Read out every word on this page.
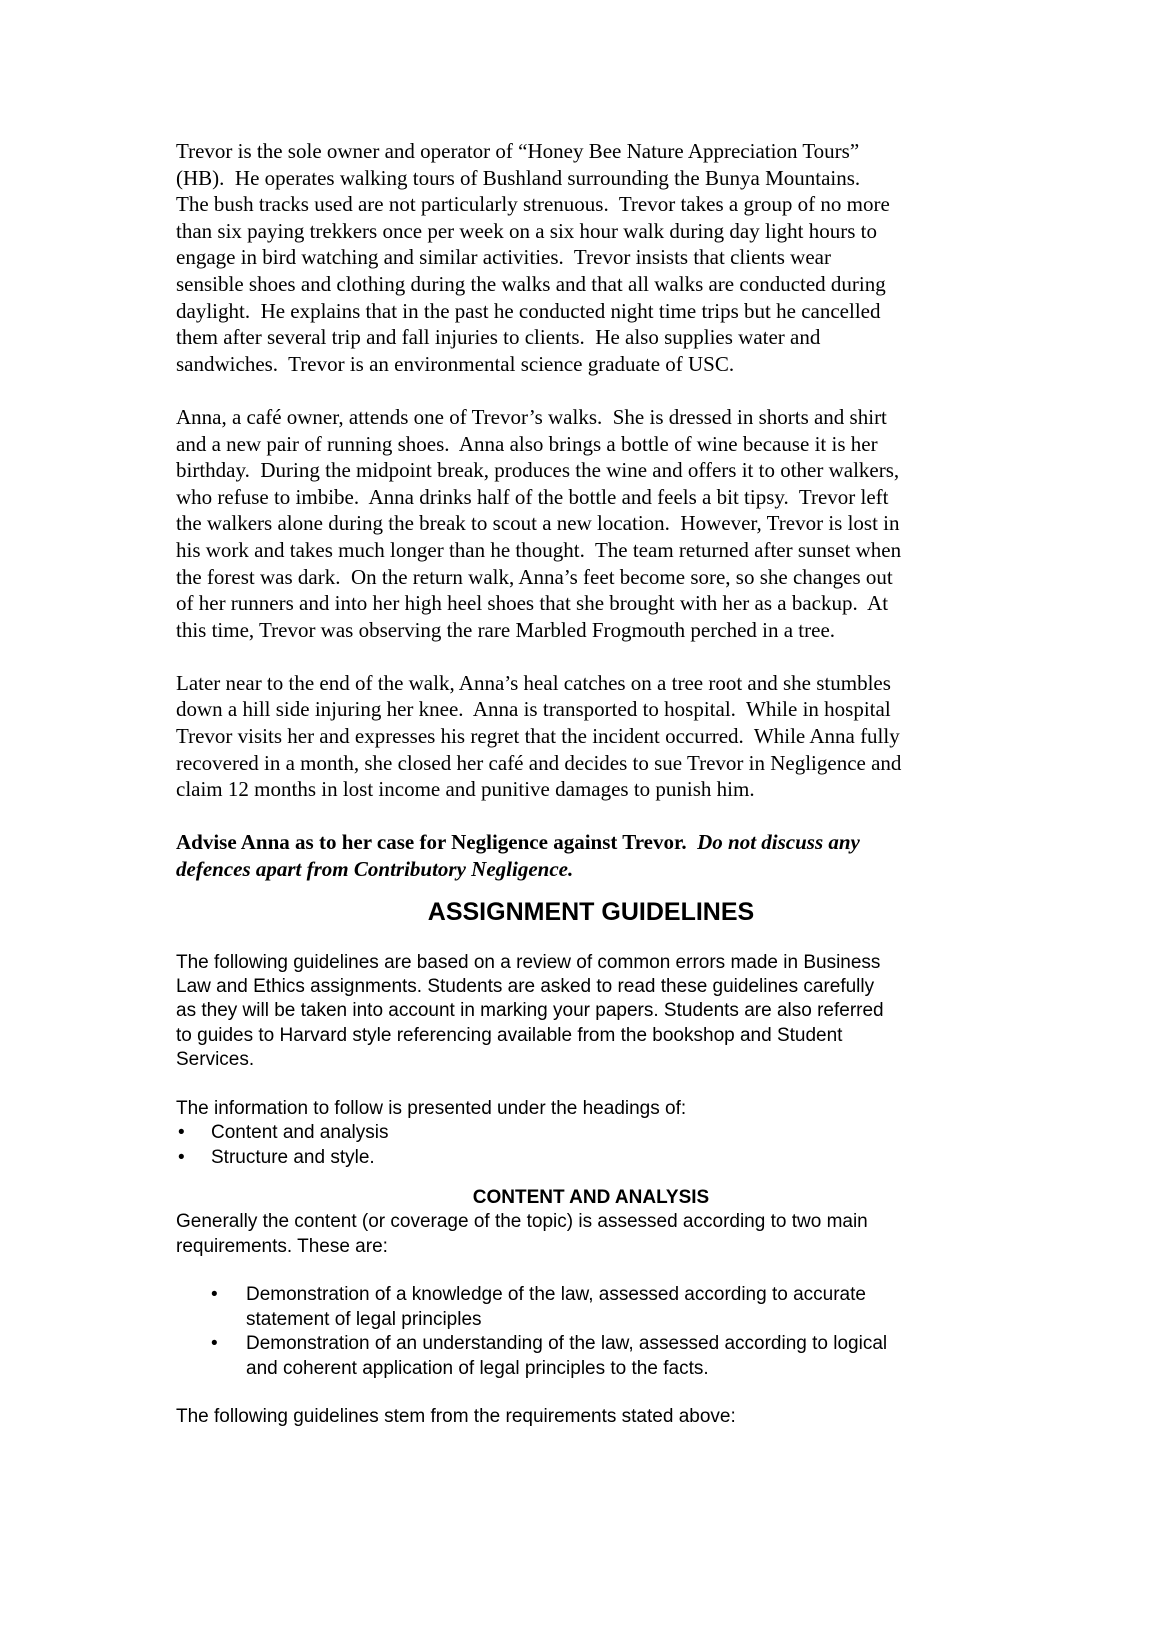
Trevor is the sole owner and operator of “Honey Bee Nature Appreciation Tours”
(HB).  He operates walking tours of Bushland surrounding the Bunya Mountains.
The bush tracks used are not particularly strenuous.  Trevor takes a group of no more
than six paying trekkers once per week on a six hour walk during day light hours to
engage in bird watching and similar activities.  Trevor insists that clients wear
sensible shoes and clothing during the walks and that all walks are conducted during
daylight.  He explains that in the past he conducted night time trips but he cancelled
them after several trip and fall injuries to clients.  He also supplies water and
sandwiches.  Trevor is an environmental science graduate of USC.

Anna, a café owner, attends one of Trevor’s walks.  She is dressed in shorts and shirt
and a new pair of running shoes.  Anna also brings a bottle of wine because it is her
birthday.  During the midpoint break, produces the wine and offers it to other walkers,
who refuse to imbibe.  Anna drinks half of the bottle and feels a bit tipsy.  Trevor left
the walkers alone during the break to scout a new location.  However, Trevor is lost in
his work and takes much longer than he thought.  The team returned after sunset when
the forest was dark.  On the return walk, Anna’s feet become sore, so she changes out
of her runners and into her high heel shoes that she brought with her as a backup.  At
this time, Trevor was observing the rare Marbled Frogmouth perched in a tree.

Later near to the end of the walk, Anna’s heal catches on a tree root and she stumbles
down a hill side injuring her knee.  Anna is transported to hospital.  While in hospital
Trevor visits her and expresses his regret that the incident occurred.  While Anna fully
recovered in a month, she closed her café and decides to sue Trevor in Negligence and
claim 12 months in lost income and punitive damages to punish him.

Advise Anna as to her case for Negligence against Trevor. Do not discuss any
defences apart from Contributory Negligence.

ASSIGNMENT GUIDELINES

The following guidelines are based on a review of common errors made in Business
Law and Ethics assignments. Students are asked to read these guidelines carefully
as they will be taken into account in marking your papers. Students are also referred
to guides to Harvard style referencing available from the bookshop and Student
Services.

The information to follow is presented under the headings of:

• Content and analysis
• Structure and style.
CONTENT AND ANALYSIS

Generally the content (or coverage of the topic) is assessed according to two main
requirements. These are:

• Demonstration of a knowledge of the law, assessed according to accurate
statement of legal principles
• Demonstration of an understanding of the law, assessed according to logical
and coherent application of legal principles to the facts.

The following guidelines stem from the requirements stated above:
